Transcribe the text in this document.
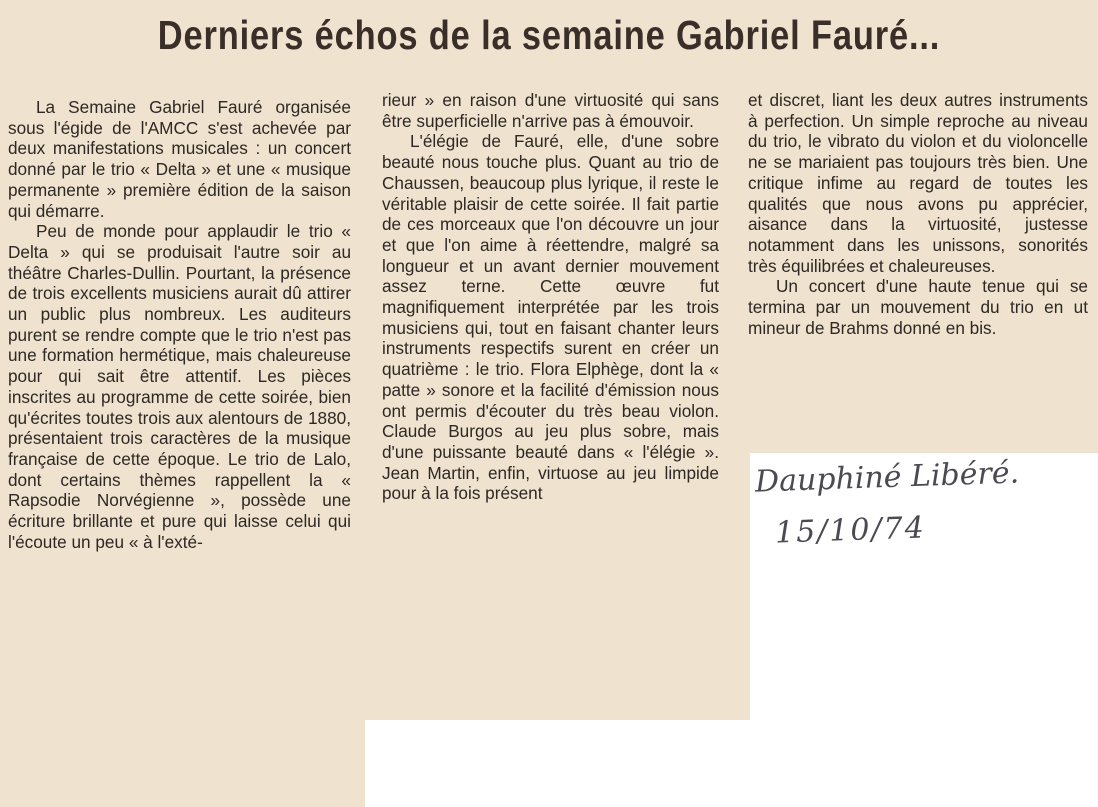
Derniers échos de la semaine Gabriel Fauré...

La Semaine Gabriel Fauré organisée sous l'égide de l'AMCC s'est achevée par deux manifestations musicales : un concert donné par le trio « Delta » et une « musique permanente » première édition de la saison qui démarre.

Peu de monde pour applaudir le trio « Delta » qui se produisait l'autre soir au théâtre Charles-Dullin. Pourtant, la présence de trois excellents musiciens aurait dû attirer un public plus nombreux. Les auditeurs purent se rendre compte que le trio n'est pas une formation hermétique, mais chaleureuse pour qui sait être attentif. Les pièces inscrites au programme de cette soirée, bien qu'écrites toutes trois aux alentours de 1880, présentaient trois caractères de la musique française de cette époque. Le trio de Lalo, dont certains thèmes rappellent la « Rapsodie Norvégienne », possède une écriture brillante et pure qui laisse celui qui l'écoute un peu « à l'exté-

rieur » en raison d'une virtuosité qui sans être superficielle n'arrive pas à émouvoir.

L'élégie de Fauré, elle, d'une sobre beauté nous touche plus. Quant au trio de Chaussen, beaucoup plus lyrique, il reste le véritable plaisir de cette soirée. Il fait partie de ces morceaux que l'on découvre un jour et que l'on aime à réettendre, malgré sa longueur et un avant dernier mouvement assez terne. Cette œuvre fut magnifiquement interprétée par les trois musiciens qui, tout en faisant chanter leurs instruments respectifs surent en créer un quatrième : le trio. Flora Elphège, dont la « patte » sonore et la facilité d'émission nous ont permis d'écouter du très beau violon. Claude Burgos au jeu plus sobre, mais d'une puissante beauté dans « l'élégie ». Jean Martin, enfin, virtuose au jeu limpide pour à la fois présent

et discret, liant les deux autres instruments à perfection. Un simple reproche au niveau du trio, le vibrato du violon et du violoncelle ne se mariaient pas toujours très bien. Une critique infime au regard de toutes les qualités que nous avons pu apprécier, aisance dans la virtuosité, justesse notamment dans les unissons, sonorités très équilibrées et chaleureuses.

Un concert d'une haute tenue qui se termina par un mouvement du trio en ut mineur de Brahms donné en bis.

Dauphiné Libéré.
15/10/74
